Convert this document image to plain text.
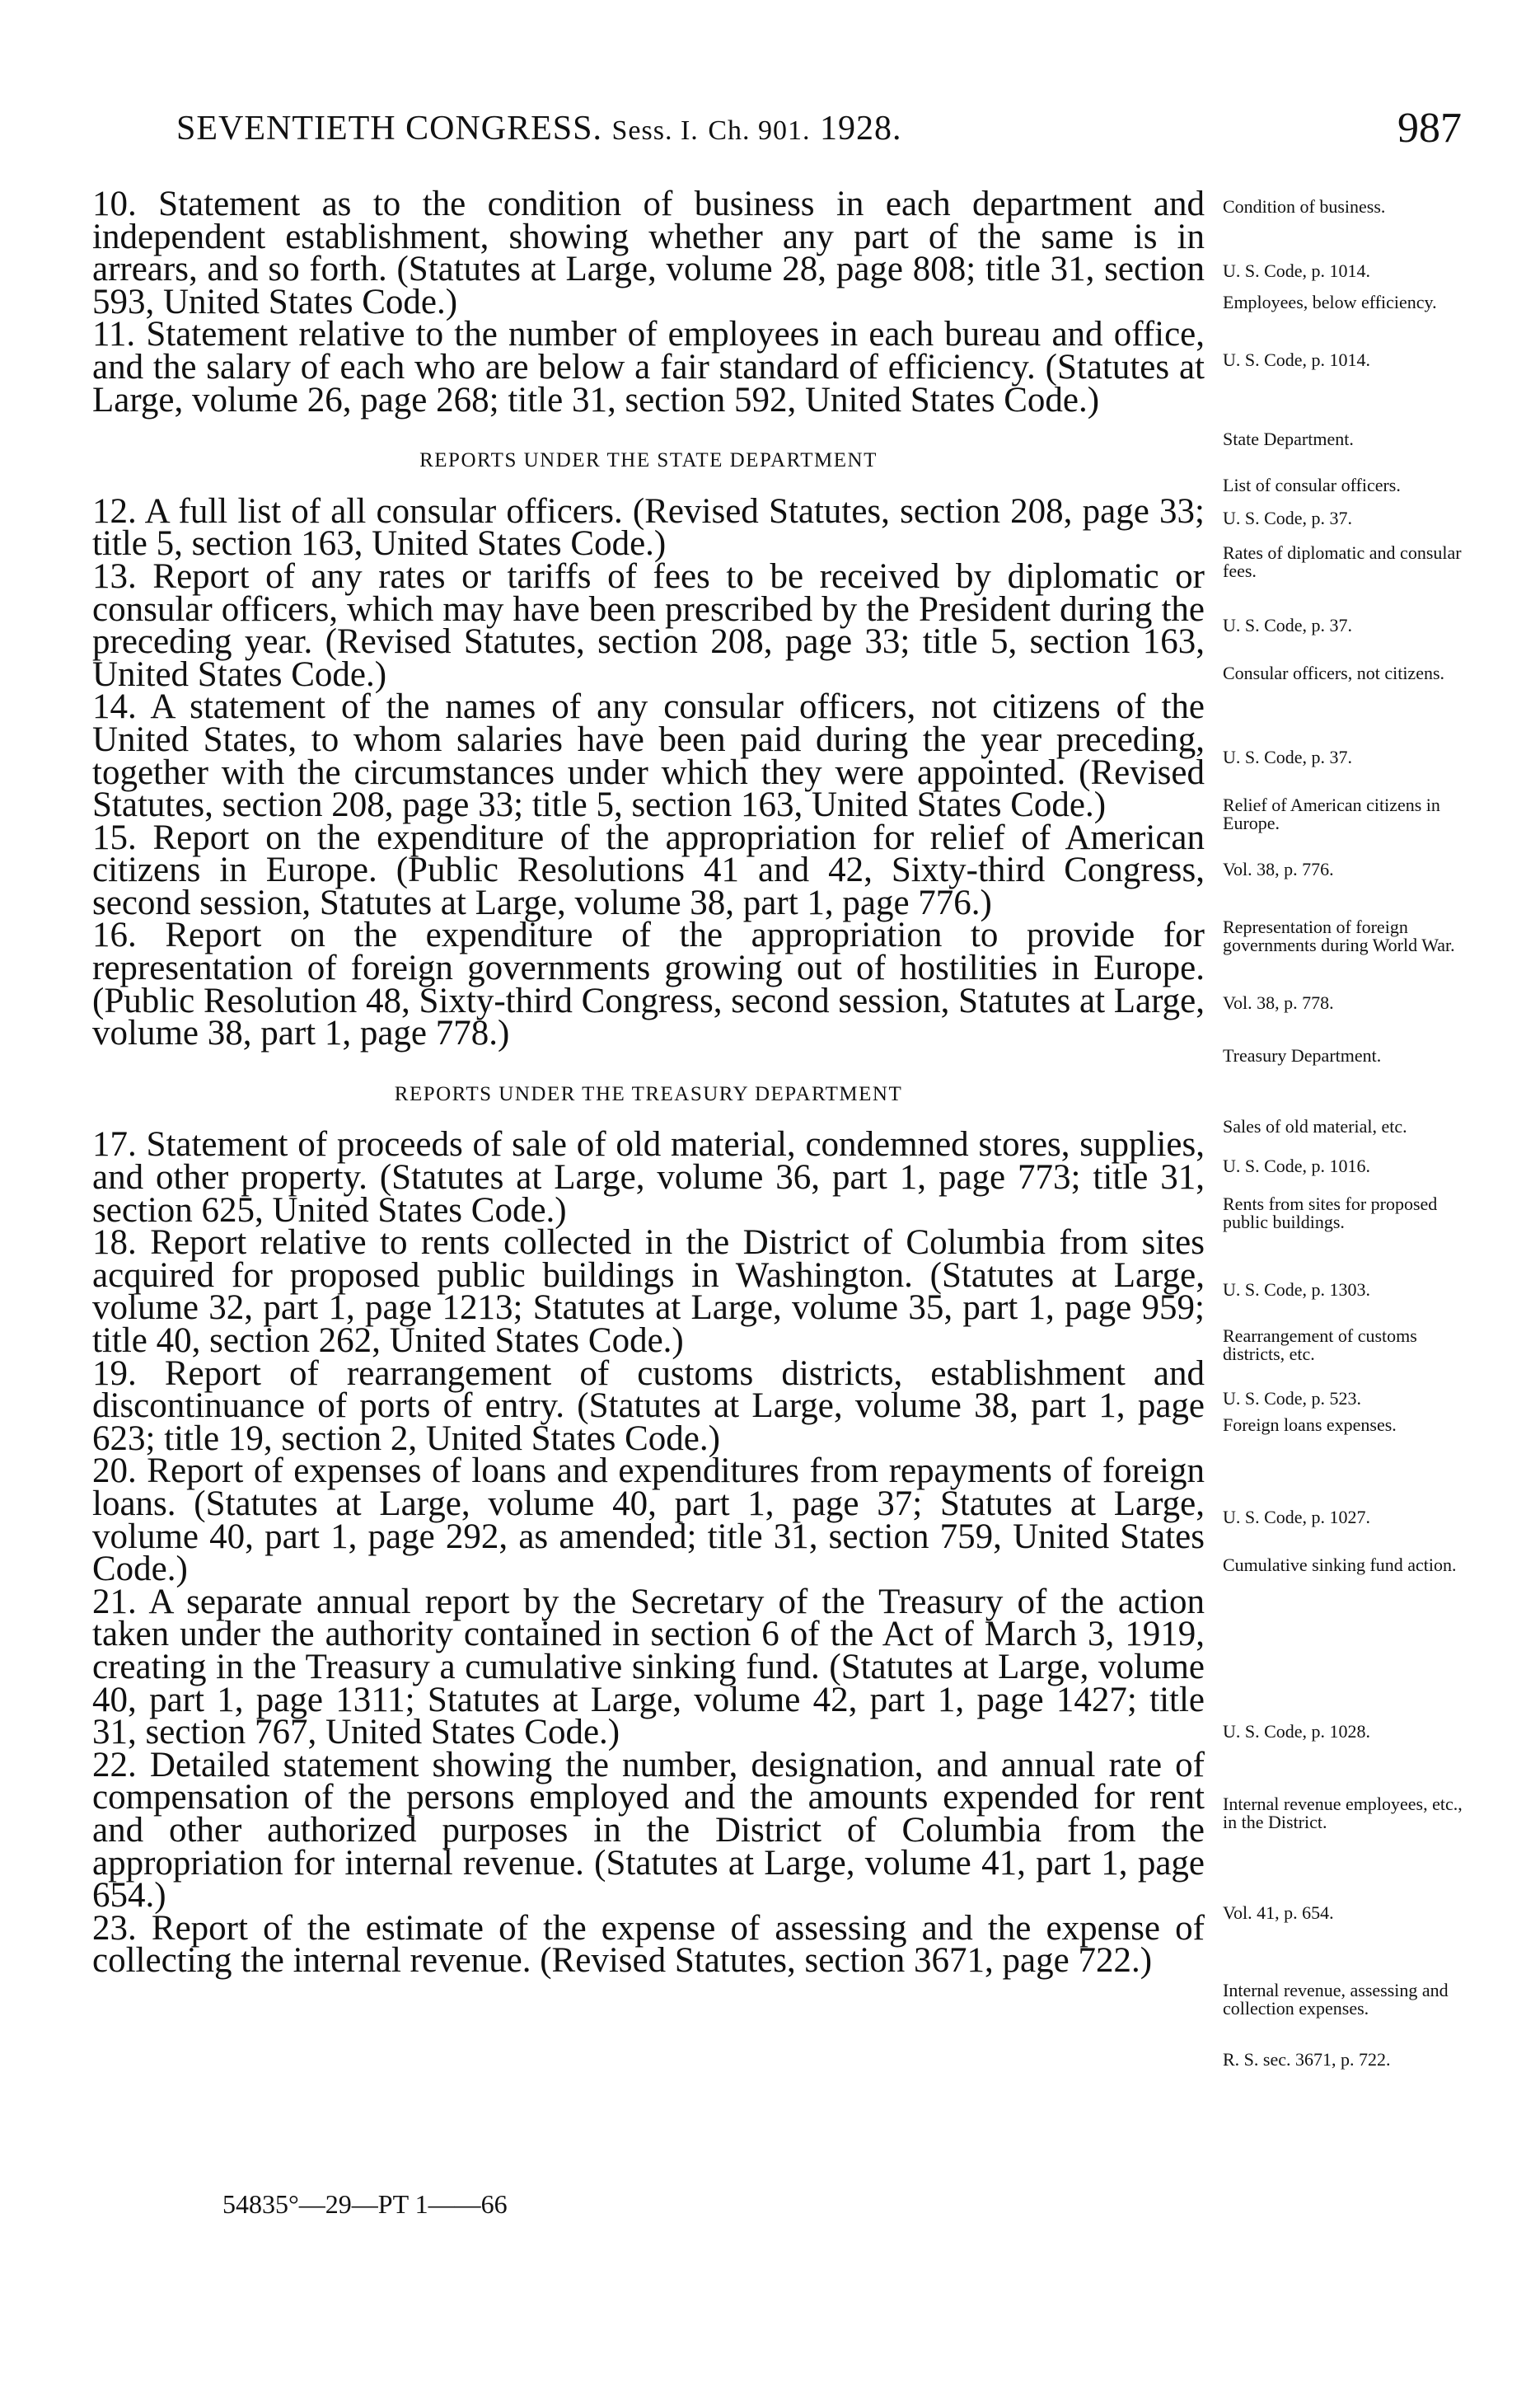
SEVENTIETH CONGRESS. Sess. I. Ch. 901. 1928.	987

10. Statement as to the condition of business in each department and independent establishment, showing whether any part of the same is in arrears, and so forth. (Statutes at Large, volume 28, page 808; title 31, section 593, United States Code.)

11. Statement relative to the number of employees in each bureau and office, and the salary of each who are below a fair standard of efficiency. (Statutes at Large, volume 26, page 268; title 31, section 592, United States Code.)

REPORTS UNDER THE STATE DEPARTMENT

12. A full list of all consular officers. (Revised Statutes, section 208, page 33; title 5, section 163, United States Code.)

13. Report of any rates or tariffs of fees to be received by diplomatic or consular officers, which may have been prescribed by the President during the preceding year. (Revised Statutes, section 208, page 33; title 5, section 163, United States Code.)

14. A statement of the names of any consular officers, not citizens of the United States, to whom salaries have been paid during the year preceding, together with the circumstances under which they were appointed. (Revised Statutes, section 208, page 33; title 5, section 163, United States Code.)

15. Report on the expenditure of the appropriation for relief of American citizens in Europe. (Public Resolutions 41 and 42, Sixty-third Congress, second session, Statutes at Large, volume 38, part 1, page 776.)

16. Report on the expenditure of the appropriation to provide for representation of foreign governments growing out of hostilities in Europe. (Public Resolution 48, Sixty-third Congress, second session, Statutes at Large, volume 38, part 1, page 778.)

REPORTS UNDER THE TREASURY DEPARTMENT

17. Statement of proceeds of sale of old material, condemned stores, supplies, and other property. (Statutes at Large, volume 36, part 1, page 773; title 31, section 625, United States Code.)

18. Report relative to rents collected in the District of Columbia from sites acquired for proposed public buildings in Washington. (Statutes at Large, volume 32, part 1, page 1213; Statutes at Large, volume 35, part 1, page 959; title 40, section 262, United States Code.)

19. Report of rearrangement of customs districts, establishment and discontinuance of ports of entry. (Statutes at Large, volume 38, part 1, page 623; title 19, section 2, United States Code.)

20. Report of expenses of loans and expenditures from repayments of foreign loans. (Statutes at Large, volume 40, part 1, page 37; Statutes at Large, volume 40, part 1, page 292, as amended; title 31, section 759, United States Code.)

21. A separate annual report by the Secretary of the Treasury of the action taken under the authority contained in section 6 of the Act of March 3, 1919, creating in the Treasury a cumulative sinking fund. (Statutes at Large, volume 40, part 1, page 1311; Statutes at Large, volume 42, part 1, page 1427; title 31, section 767, United States Code.)

22. Detailed statement showing the number, designation, and annual rate of compensation of the persons employed and the amounts expended for rent and other authorized purposes in the District of Columbia from the appropriation for internal revenue. (Statutes at Large, volume 41, part 1, page 654.)

23. Report of the estimate of the expense of assessing and the expense of collecting the internal revenue. (Revised Statutes, section 3671, page 722.)

Condition of business.
U. S. Code, p. 1014.
Employees, below efficiency.
U. S. Code, p. 1014.
State Department.
List of consular officers.
U. S. Code, p. 37.
Rates of diplomatic and consular fees.
U. S. Code, p. 37.
Consular officers, not citizens.
U. S. Code, p. 37.
Relief of American citizens in Europe.
Vol. 38, p. 776.
Representation of foreign governments during World War.
Vol. 38, p. 778.
Treasury Department.
Sales of old material, etc.
U. S. Code, p. 1016.
Rents from sites for proposed public buildings.
U. S. Code, p. 1303.
Rearrangement of customs districts, etc.
U. S. Code, p. 523.
Foreign loans expenses.
U. S. Code, p. 1027.
Cumulative sinking fund action.
U. S. Code, p. 1028.
Internal revenue employees, etc., in the District.
Vol. 41, p. 654.
Internal revenue, assessing and collection expenses.
R. S. sec. 3671, p. 722.
54835°—29—PT 1——66
